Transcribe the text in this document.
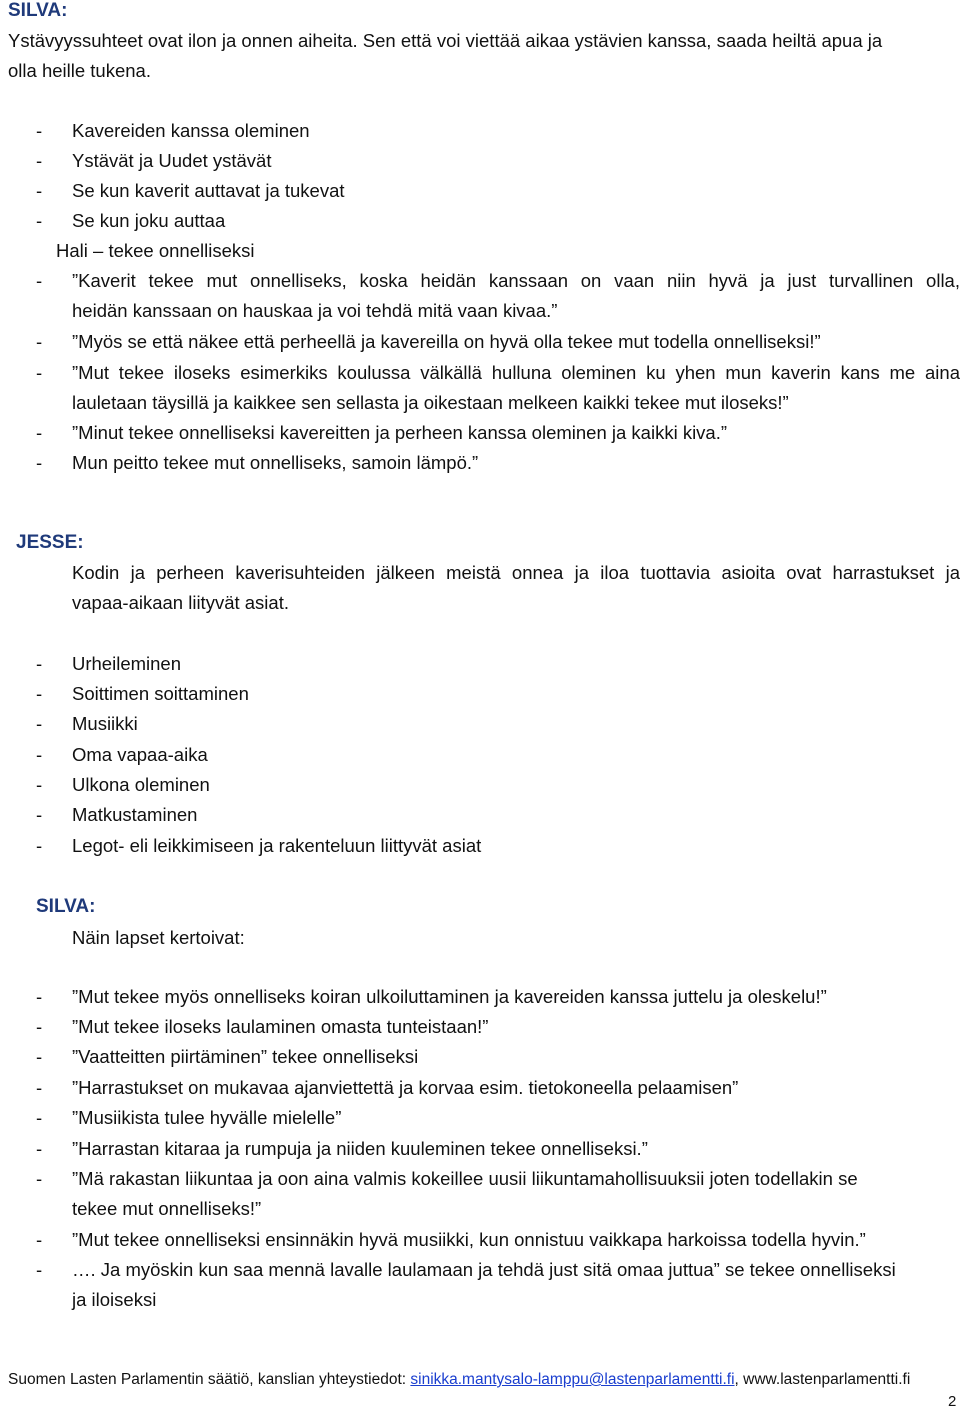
SILVA:
Ystävyyssuhteet ovat ilon ja onnen aiheita. Sen että voi viettää aikaa ystävien kanssa, saada heiltä apua ja
olla heille tukena.
- Kavereiden kanssa oleminen
- Ystävät ja Uudet ystävät
- Se kun kaverit auttavat ja tukevat
- Se kun joku auttaa
Hali – tekee onnelliseksi
- ”Kaverit tekee mut onnelliseks, koska heidän kanssaan on vaan niin hyvä ja just turvallinen olla,
heidän kanssaan on hauskaa ja voi tehdä mitä vaan kivaa.”
- ”Myös se että näkee että perheellä ja kavereilla on hyvä olla tekee mut todella onnelliseksi!”
- ”Mut tekee iloseks esimerkiks koulussa välkällä hulluna oleminen ku yhen mun kaverin kans me aina
lauletaan täysillä ja kaikkee sen sellasta ja oikestaan melkeen kaikki tekee mut iloseks!”
- ”Minut tekee onnelliseksi kavereitten ja perheen kanssa oleminen ja kaikki kiva.”
- Mun peitto tekee mut onnelliseks, samoin lämpö.”
JESSE:
Kodin ja perheen kaverisuhteiden jälkeen meistä onnea ja iloa tuottavia asioita ovat harrastukset ja
vapaa-aikaan liityvät asiat.
- Urheileminen
- Soittimen soittaminen
- Musiikki
- Oma vapaa-aika
- Ulkona oleminen
- Matkustaminen
- Legot- eli leikkimiseen ja rakenteluun liittyvät asiat
SILVA:
Näin lapset kertoivat:
- ”Mut tekee myös onnelliseks koiran ulkoiluttaminen ja kavereiden kanssa juttelu ja oleskelu!”
- ”Mut tekee iloseks laulaminen omasta tunteistaan!”
- ”Vaatteitten piirtäminen” tekee onnelliseksi
- ”Harrastukset on mukavaa ajanviettettä ja korvaa esim. tietokoneella pelaamisen”
- ”Musiikista tulee hyvälle mielelle”
- ”Harrastan kitaraa ja rumpuja ja niiden kuuleminen tekee onnelliseksi.”
- ”Mä rakastan liikuntaa ja oon aina valmis kokeillee uusii liikuntamahollisuuksii joten todellakin se
tekee mut onnelliseks!”
- ”Mut tekee onnelliseksi ensinnäkin hyvä musiikki, kun onnistuu vaikkapa harkoissa todella hyvin.”
- …. Ja myöskin kun saa mennä lavalle laulamaan ja tehdä just sitä omaa juttua” se tekee onnelliseksi
ja iloiseksi
Suomen Lasten Parlamentin säätiö, kanslian yhteystiedot: sinikka.mantysalo-lamppu@lastenparlamentti.fi, www.lastenparlamentti.fi
2
